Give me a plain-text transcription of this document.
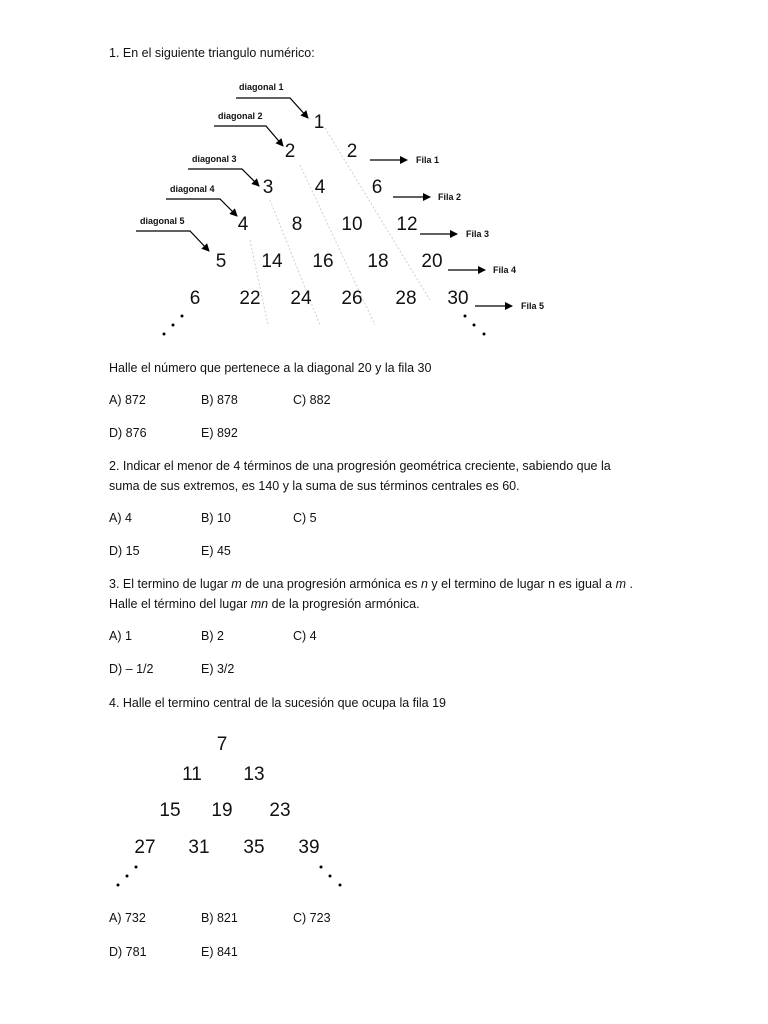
1. En el siguiente triangulo numérico:
diagonal 1
diagonal 2
diagonal 3
diagonal 4
diagonal 5
1
2	2
3 4 6
4 8 10 12
5 14 16 18 20
6 22 24 26 28 30
Fila 1
Fila 2
Fila 3
Fila 4
Fila 5
Halle el número que pertenece a la diagonal 20 y la fila 30
A) 872	B) 878	C) 882
D) 876	E) 892
2. Indicar el menor de 4 términos de una progresión geométrica creciente, sabiendo que la
suma de sus extremos, es 140 y la suma de sus términos centrales es 60.
A) 4	B) 10	C) 5
D) 15	E) 45
3. El termino de lugar m de una progresión armónica es n y el termino de lugar n es igual a m .
Halle el término del lugar mn de la progresión armónica.
A) 1	B) 2	C) 4
D) – 1/2	E) 3/2
4. Halle el termino central de la sucesión que ocupa la fila 19
7
11 13
15 19 23
27 31 35 39
A) 732	B) 821	C) 723
D) 781	E) 841
